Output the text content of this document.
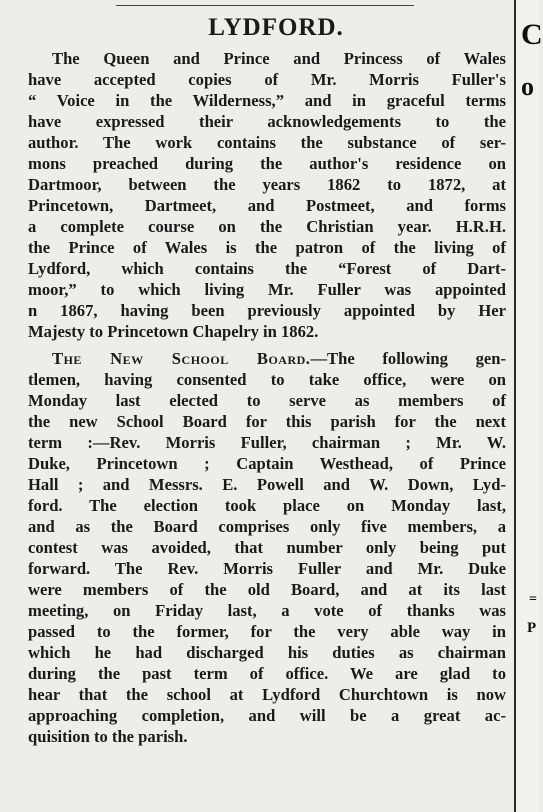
C
o
=
P
LYDFORD.
The Queen and Prince and Princess of Wales
have accepted copies of Mr. Morris Fuller's
“ Voice in the Wilderness,” and in graceful terms
have expressed their acknowledgements to the
author. The work contains the substance of ser-
mons preached during the author's residence on
Dartmoor, between the years 1862 to 1872, at
Princetown, Dartmeet, and Postmeet, and forms
a complete course on the Christian year. H.R.H.
the Prince of Wales is the patron of the living of
Lydford, which contains the “Forest of Dart-
moor,” to which living Mr. Fuller was appointed
n 1867, having been previously appointed by Her
Majesty to Princetown Chapelry in 1862.
The New School Board.—The following gen-
tlemen, having consented to take office, were on
Monday last elected to serve as members of
the new School Board for this parish for the next
term :—Rev. Morris Fuller, chairman ; Mr. W.
Duke, Princetown ; Captain Westhead, of Prince
Hall ; and Messrs. E. Powell and W. Down, Lyd-
ford. The election took place on Monday last,
and as the Board comprises only five members, a
contest was avoided, that number only being put
forward. The Rev. Morris Fuller and Mr. Duke
were members of the old Board, and at its last
meeting, on Friday last, a vote of thanks was
passed to the former, for the very able way in
which he had discharged his duties as chairman
during the past term of office. We are glad to
hear that the school at Lydford Churchtown is now
approaching completion, and will be a great ac-
quisition to the parish.
